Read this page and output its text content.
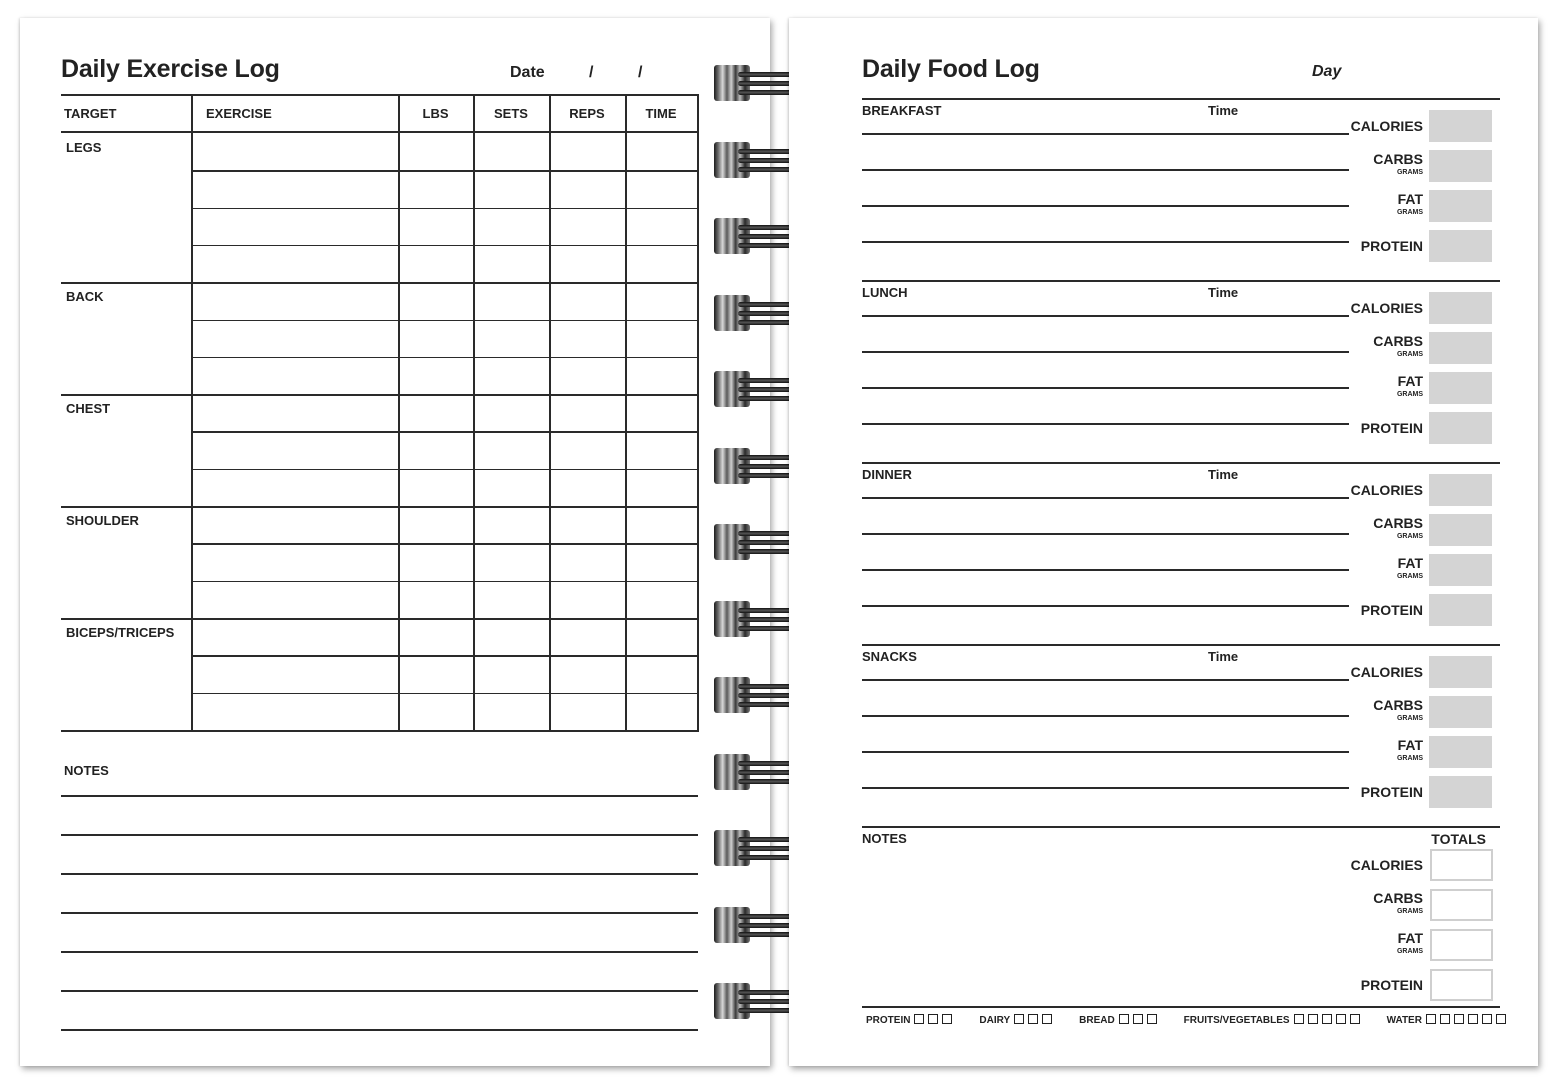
Daily Exercise Log	Date	/	/
TARGET	EXERCISE	LBS	SETS	REPS	TIME
LEGS
BACK
CHEST
SHOULDER
BICEPS/TRICEPS
NOTES
Daily Food Log	Day
BREAKFAST	Time
CALORIES
CARBS
GRAMS
FAT
GRAMS
PROTEIN
LUNCH	Time
CALORIES
CARBS
GRAMS
FAT
GRAMS
PROTEIN
DINNER	Time
CALORIES
CARBS
GRAMS
FAT
GRAMS
PROTEIN
SNACKS	Time
CALORIES
CARBS
GRAMS
FAT
GRAMS
PROTEIN
NOTES	TOTALS
CALORIES
CARBS
GRAMS
FAT
GRAMS
PROTEIN
PROTEIN	DAIRY	BREAD	FRUITS/VEGETABLES	WATER
